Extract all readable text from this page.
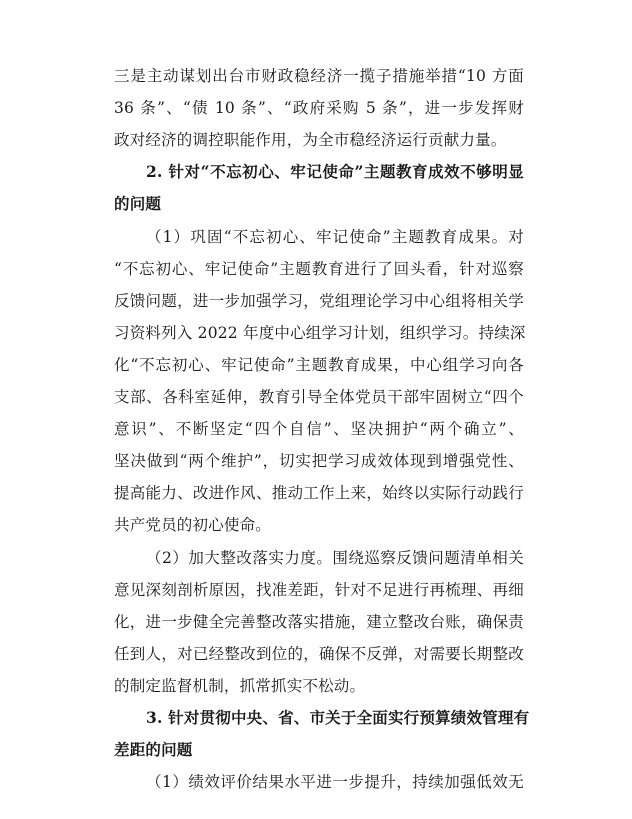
三是主动谋划出台市财政稳经济一揽子措施举措“10 方面
36 条”、“债 10 条”、“政府采购 5 条”，进一步发挥财
政对经济的调控职能作用，为全市稳经济运行贡献力量。
2. 针对“不忘初心、牢记使命”主题教育成效不够明显
的问题
（1）巩固“不忘初心、牢记使命”主题教育成果。对
“不忘初心、牢记使命”主题教育进行了回头看，针对巡察
反馈问题，进一步加强学习，党组理论学习中心组将相关学
习资料列入 2022 年度中心组学习计划，组织学习。持续深
化“不忘初心、牢记使命”主题教育成果，中心组学习向各
支部、各科室延伸，教育引导全体党员干部牢固树立“四个
意识”、不断坚定“四个自信”、坚决拥护“两个确立”、
坚决做到“两个维护”，切实把学习成效体现到增强党性、
提高能力、改进作风、推动工作上来，始终以实际行动践行
共产党员的初心使命。
（2）加大整改落实力度。围绕巡察反馈问题清单相关
意见深刻剖析原因，找准差距，针对不足进行再梳理、再细
化，进一步健全完善整改落实措施，建立整改台账，确保责
任到人，对已经整改到位的，确保不反弹，对需要长期整改
的制定监督机制，抓常抓实不松动。
3. 针对贯彻中央、省、市关于全面实行预算绩效管理有
差距的问题
（1）绩效评价结果水平进一步提升，持续加强低效无
